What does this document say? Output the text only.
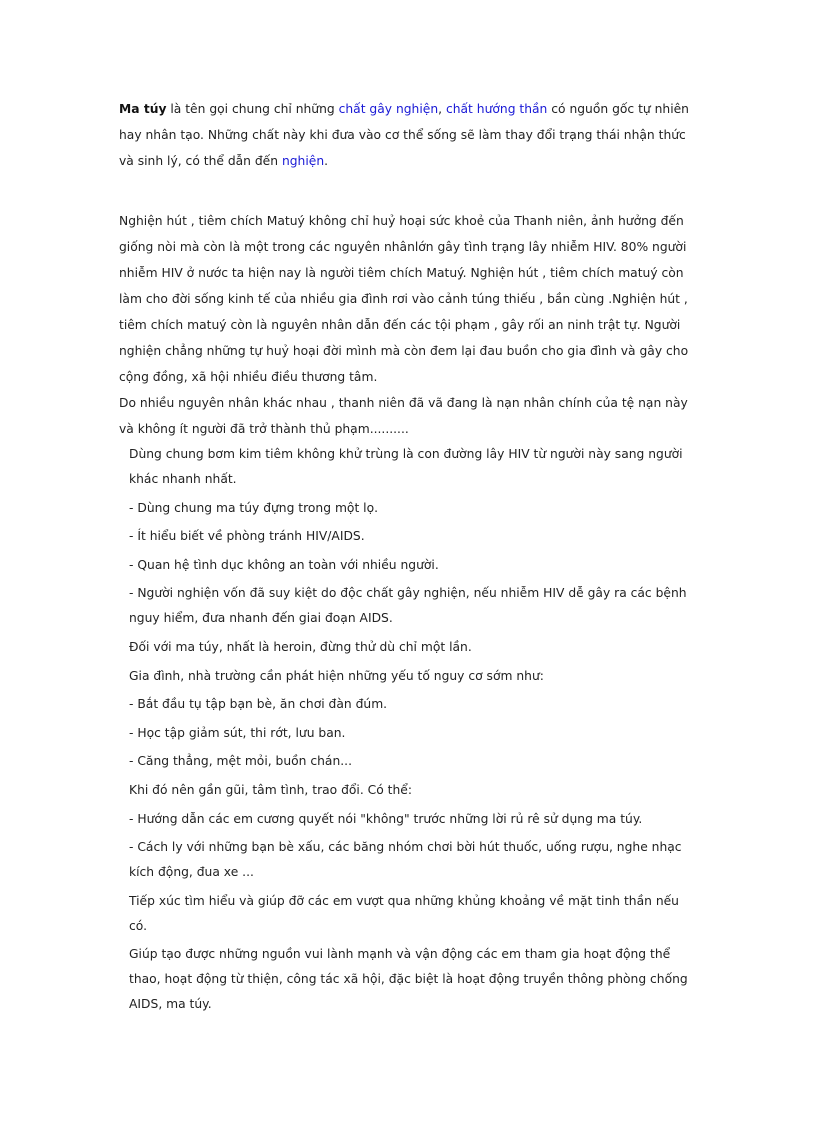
Ma túy là tên gọi chung chỉ những chất gây nghiện, chất hướng thần có nguồn gốc tự nhiên hay nhân tạo. Những chất này khi đưa vào cơ thể sống sẽ làm thay đổi trạng thái nhận thức và sinh lý, có thể dẫn đến nghiện.

Nghiện hút , tiêm chích Matuý không chỉ huỷ hoại sức khoẻ của Thanh niên, ảnh hưởng đến giống nòi mà còn là một trong các nguyên nhânlớn gây tình trạng lây nhiễm HIV. 80% người nhiễm HIV ở nước ta hiện nay là người tiêm chích Matuý. Nghiện hút , tiêm chích matuý còn làm cho đời sống kinh tế của nhiều gia đình rơi vào cảnh túng thiếu , bần cùng .Nghiện hút , tiêm chích matuý còn là nguyên nhân dẫn đến các tội phạm , gây rối an ninh trật tự. Người nghiện chẳng những tự huỷ hoại đời mình mà còn đem lại đau buồn cho gia đình và gây cho cộng đồng, xã hội nhiều điều thương tâm.

Do nhiều nguyên nhân khác nhau , thanh niên đã vã đang là nạn nhân chính của tệ nạn này và không ít người đã trở thành thủ phạm..........

Dùng chung bơm kim tiêm không khử trùng là con đường lây HIV từ người này sang người khác nhanh nhất.

- Dùng chung ma túy đựng trong một lọ.

- Ít hiểu biết về phòng tránh HIV/AIDS.

- Quan hệ tình dục không an toàn với nhiều người.

- Người nghiện vốn đã suy kiệt do độc chất gây nghiện, nếu nhiễm HIV dễ gây ra các bệnh nguy hiểm, đưa nhanh đến giai đoạn AIDS.

Đối với ma túy, nhất là heroin, đừng thử dù chỉ một lần.

Gia đình, nhà trường cần phát hiện những yếu tố nguy cơ sớm như:

- Bắt đầu tụ tập bạn bè, ăn chơi đàn đúm.

- Học tập giảm sút, thi rớt, lưu ban.

- Căng thẳng, mệt mỏi, buồn chán...

Khi đó nên gần gũi, tâm tình, trao đổi. Có thể:

- Hướng dẫn các em cương quyết nói "không" trước những lời rủ rê sử dụng ma túy.

- Cách ly với những bạn bè xấu, các băng nhóm chơi bời hút thuốc, uống rượu, nghe nhạc kích động, đua xe ...

Tiếp xúc tìm hiểu và giúp đỡ các em vượt qua những khủng khoảng về mặt tinh thần nếu có.

Giúp tạo được những nguồn vui lành mạnh và vận động các em tham gia hoạt động thể thao, hoạt động từ thiện, công tác xã hội, đặc biệt là hoạt động truyền thông phòng chống AIDS, ma túy.
